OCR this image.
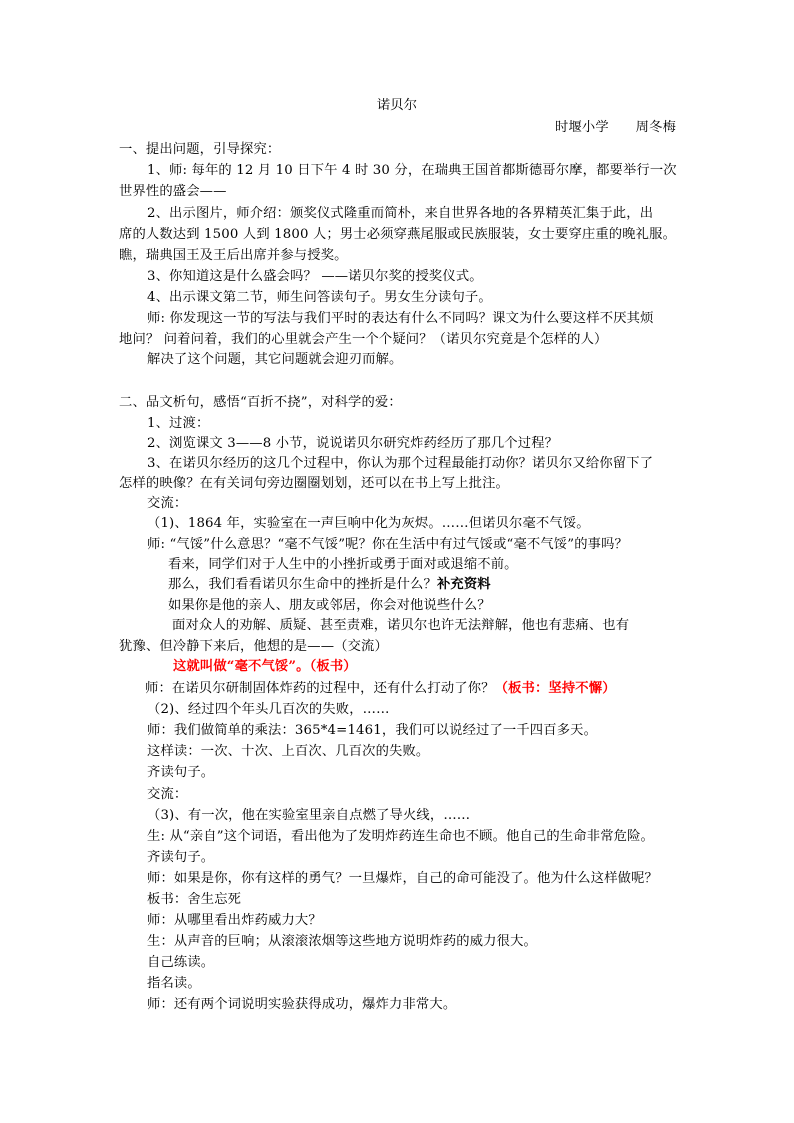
诺贝尔
时堰小学　　周冬梅
一、提出问题，引导探究：
1、师: 每年的 12 月 10 日下午 4 时 30 分，在瑞典王国首都斯德哥尔摩，都要举行一次
世界性的盛会——
2、出示图片，师介绍：颁奖仪式隆重而简朴，来自世界各地的各界精英汇集于此，出
席的人数达到 1500 人到 1800 人；男士必须穿燕尾服或民族服装，女士要穿庄重的晚礼服。
瞧，瑞典国王及王后出席并参与授奖。
3、你知道这是什么盛会吗？ ——诺贝尔奖的授奖仪式。
4、出示课文第二节，师生问答读句子。男女生分读句子。
师: 你发现这一节的写法与我们平时的表达有什么不同吗？课文为什么要这样不厌其烦
地问？ 问着问着，我们的心里就会产生一个个疑问？（诺贝尔究竟是个怎样的人）
解决了这个问题，其它问题就会迎刃而解。
二、品文析句，感悟“百折不挠”，对科学的爱：
1、过渡：
2、浏览课文 3——8 小节，说说诺贝尔研究炸药经历了那几个过程？
3、在诺贝尔经历的这几个过程中，你认为那个过程最能打动你？诺贝尔又给你留下了
怎样的映像？在有关词句旁边圈圈划划，还可以在书上写上批注。
交流：
（1)、1864 年，实验室在一声巨响中化为灰烬。……但诺贝尔毫不气馁。
师: “气馁”什么意思？“毫不气馁”呢？你在生活中有过气馁或“毫不气馁”的事吗？
看来，同学们对于人生中的小挫折或勇于面对或退缩不前。
那么，我们看看诺贝尔生命中的挫折是什么？补充资料
如果你是他的亲人、朋友或邻居，你会对他说些什么？
面对众人的劝解、质疑、甚至责难，诺贝尔也许无法辩解，他也有悲痛、也有
犹豫、但冷静下来后，他想的是——（交流）
这就叫做“毫不气馁”。（板书）
师：在诺贝尔研制固体炸药的过程中，还有什么打动了你？（板书：坚持不懈）
（2)、经过四个年头几百次的失败，……
师：我们做简单的乘法：365*4=1461，我们可以说经过了一千四百多天。
这样读：一次、十次、上百次、几百次的失败。
齐读句子。
交流：
（3)、有一次，他在实验室里亲自点燃了导火线，……
生: 从“亲自”这个词语，看出他为了发明炸药连生命也不顾。他自己的生命非常危险。
齐读句子。
师：如果是你，你有这样的勇气？一旦爆炸，自己的命可能没了。他为什么这样做呢？
板书：舍生忘死
师：从哪里看出炸药威力大？
生：从声音的巨响；从滚滚浓烟等这些地方说明炸药的威力很大。
自己练读。
指名读。
师：还有两个词说明实验获得成功，爆炸力非常大。
